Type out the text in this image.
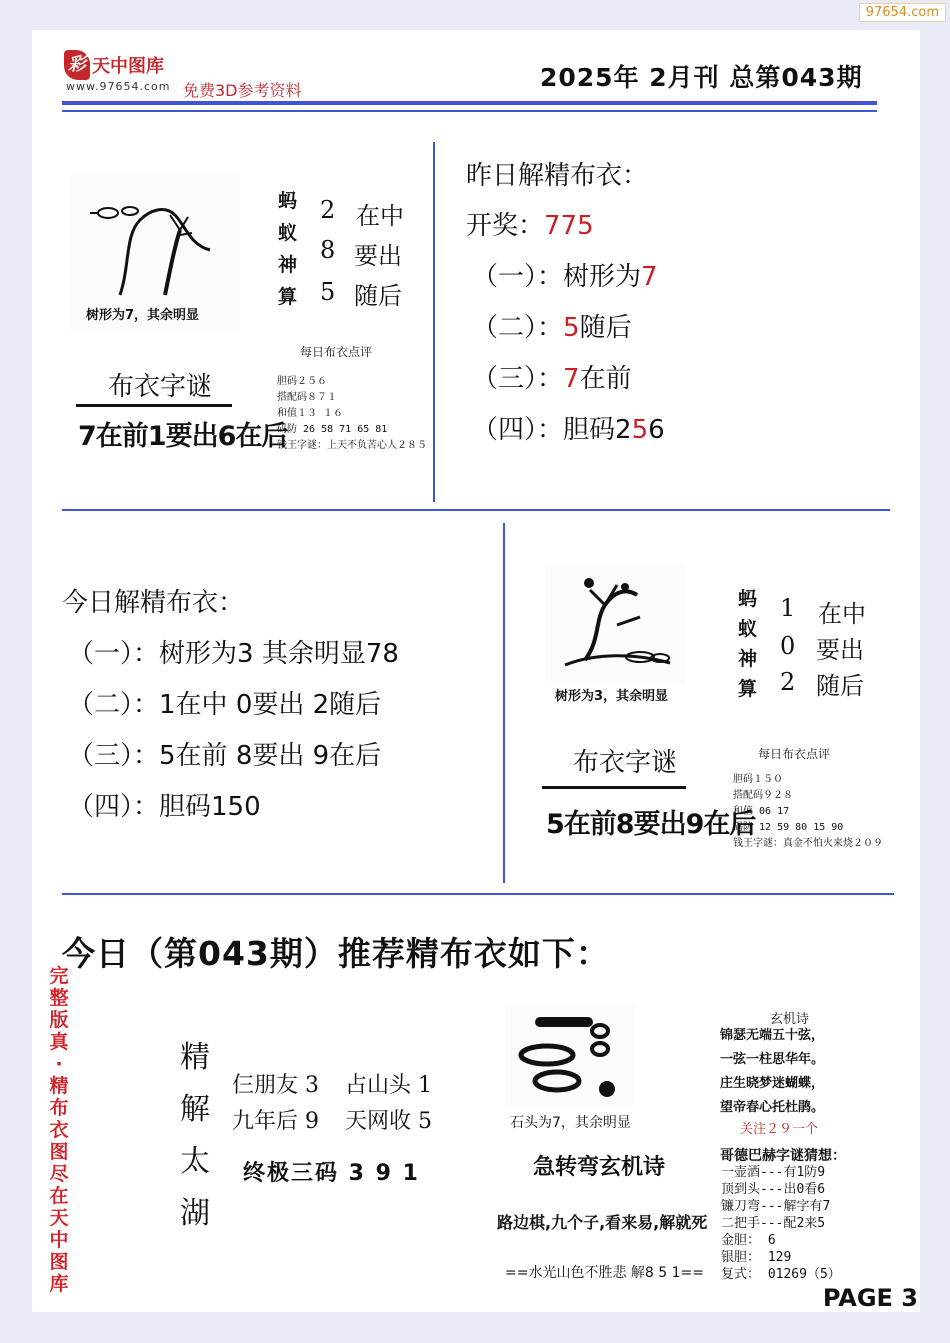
97654.com
彩 天中图库
www.97654.com 免费3D参考资料	2025年 2月刊 总第043期
树形为7，其余明显
蚂
蚁
神
算
2
8
5
在中
要出
随后
每日布衣点评
胆码２５６
搭配码８７１
和值１３ １６
码防 26 58 71 65 81
钱王字谜：上天不负苦心人２８５
布衣字谜
7在前1要出6在后
昨日解精布衣：
开奖：775
（一）：树形为7
（二）：5随后
（三）：7在前
（四）：胆码256
今日解精布衣：
（一）：树形为3 其余明显78
（二）：1在中 0要出 2随后
（三）：5在前 8要出 9在后
（四）：胆码150
树形为3，其余明显
蚂
蚁
神
算
1
0
2
在中
要出
随后
布衣字谜
5在前8要出9在后
每日布衣点评
胆码１５０
搭配码９２８
和值 06 17
码防 12 59 80 15 90
钱王字谜：真金不怕火来烧２０９
今日（第043期）推荐精布衣如下：
完整版真·精布衣图尽在天中图库
精
解
太
湖
仨朋友 3 占山头 1
九年后 9 天网收 5
终极三码 3 9 1
石头为7，其余明显
急转弯玄机诗
路边棋,九个子,看来易,解就死
==水光山色不胜悲 解8 5 1==
玄机诗
锦瑟无端五十弦，
一弦一柱思华年。
庄生晓梦迷蝴蝶，
望帝春心托杜鹃。
关注２９一个
哥德巴赫字谜猜想：
一壶酒---有1防9
顶到头---出0看6
镰刀弯---解字有7
二把手---配2来5
金胆： 6
银胆： 129
复式： 01269（5）
PAGE 3
